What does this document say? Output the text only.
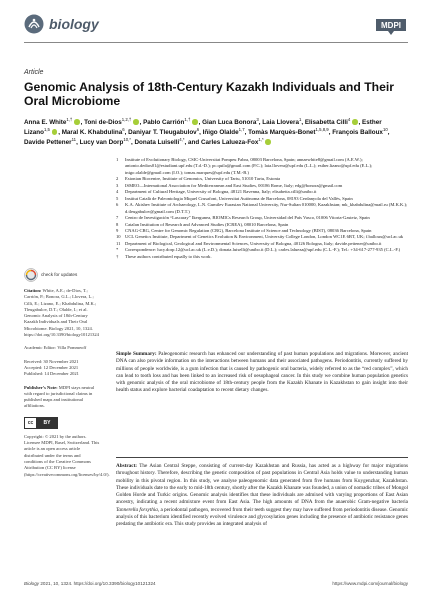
biology	MDPI
Article
Genomic Analysis of 18th-Century Kazakh Individuals and Their Oral Microbiome
Anna E. White$^{1,\dagger}$ , Toni de-Dios$^{1,2,\dagger}$ , Pablo Carrión$^{1,\dagger}$ , Gian Luca Bonora$^3$, Laia Llovera$^1$, Elisabetta Cilli$^4$ , Esther Lizano$^{1,5}$ , Maral K. Khabdulina$^6$, Daniyar T. Tleugabulov$^6$, Iñigo Olalde$^{1,7}$, Tomàs Marquès-Bonet$^{1,5,8,9}$, François Balloux$^{10}$, Davide Pettener$^{11}$, Lucy van Dorp$^{10,*}$, Donata Luiselli$^{4,*}$, and Carles Lalueza-Fox$^{1,*}$
1	Institute of Evolutionary Biology, CSIC-Universitat Pompeu Fabra, 08003 Barcelona, Spain; annaewhite8@gmail.com (A.E.W.); antonio.dedios01@estudiant.upf.edu (T.d.-D.); pc.quila@gmail.com (P.C.); laia.llovera@upf.edu (L.L.); esther.lizano@upf.edu (E.L.); inigo.olalde@gmail.com (I.O.); tomas.marques@upf.edu (T.M.-B.)
2	Estonian Biocentre, Institute of Genomics, University of Tartu, 51010 Tartu, Estonia
3	ISMEO—International Association for Mediterranean and East Studies, 00186 Rome, Italy; edg@bonora@gmail.com
4	Department of Cultural Heritage, University of Bologna, 48121 Ravenna, Italy; elisabetta.cilli@unibo.it
5	Institut Català de Paleontologia Miquel Crusafont, Universitat Autònoma de Barcelona, 08193 Cerdanyola del Vallès, Spain
6	K.A. Akishev Institute of Archaeology, L.N. Gumilev Eurasian National University, Nur-Sultan 010000, Kazakhstan; mk_khabdulina@mail.ru (M.K.K.); d.tleugabulov@gmail.com (D.T.T.)
7	Centro de Investigación “Lascaray” Ikergunea, BIOMICs Research Group, Universidad del País Vasco, 01006 Vitoria-Gasteiz, Spain
8	Catalan Institution of Research and Advanced Studies (ICREA), 08010 Barcelona, Spain
9	CNAG-CRG, Centre for Genomic Regulation (CRG), Barcelona Institute of Science and Technology (BIST), 08036 Barcelona, Spain
10 UCL Genetics Institute, Department of Genetics Evolution & Environment, University College London, London WC1E 6BT, UK; f.balloux@ucl.ac.uk
11 Department of Biological, Geological and Environmental Sciences, University of Bologna, 40126 Bologna, Italy; davide.pettener@unibo.it
*	Correspondence: lucy.dorp.12@ucl.ac.uk (L.v.D.); donata.luiselli@unibo.it (D.L.); carles.lalueza@upf.edu (C.L.-F.); Tel.: +34-617-277-935 (C.L.-F.)
†	These authors contributed equally to this work.
check for updates
Citation: White, A.E.; de-Dios, T.; Carrión, P.; Bonora, G.L.; Llovera, L.; Cilli, E.; Lizano, E.; Khabdulina, M.K.; Tleugabulov, D.T.; Olalde, I.; et al. Genomic Analysis of 18th-Century Kazakh Individuals and Their Oral Microbiome. Biology 2021, 10, 1324. https://doi.org/10.3390/biology10121324
Academic Editor: Villa Pommeoff
Received: 30 November 2021
Accepted: 12 December 2021
Published: 14 December 2021
Publisher’s Note: MDPI stays neutral with regard to jurisdictional claims in published maps and institutional affiliations.
cc	BY
Copyright: © 2021 by the authors. Licensee MDPI, Basel, Switzerland. This article is an open access article distributed under the terms and conditions of the Creative Commons Attribution (CC BY) license (https://creativecommons.org/licenses/by/4.0/).
Simple Summary: Paleogenomic research has enhanced our understanding of past human populations and migrations. Moreover, ancient DNA can also provide information on the interactions between humans and their associated pathogens. Periodontitis, currently suffered by millions of people worldwide, is a gum infection that is caused by pathogenic oral bacteria, widely referred to as the “red complex”, which can lead to tooth loss and has been linked to an increased risk of oesophageal cancer. In this study we combine human population genetics with genomic analysis of the oral microbiome of 18th-century people from the Kazakh Khanate in Kazakhstan to gain insight into their health status and explore bacterial coadaptation to recent dietary changes.
Abstract: The Asian Central Steppe, consisting of current-day Kazakhstan and Russia, has acted as a highway for major migrations throughout history. Therefore, describing the genetic composition of past populations in Central Asia holds value to understanding human mobility in this pivotal region. In this study, we analyse paleogenomic data generated from five humans from Kuygenzhar, Kazakhstan. These individuals date to the early to mid-18th century, shortly after the Kazakh Khanate was founded, a union of nomadic tribes of Mongol Golden Horde and Turkic origins. Genomic analysis identifies that these individuals are admixed with varying proportions of East Asian ancestry, indicating a recent admixture event from East Asia. The high amounts of DNA from the anaerobic Gram-negative bacteria Tannerella forsythia, a periodontal pathogen, recovered from their teeth suggest they may have suffered from periodontitis disease. Genomic analysis of this bacterium identified recently evolved virulence and glycosylation genes including the presence of antibiotic resistance genes predating the antibiotic era. This study provides an integrated analysis of
Biology 2021, 10, 1324. https://doi.org/10.3390/biology10121324	https://www.mdpi.com/journal/biology
